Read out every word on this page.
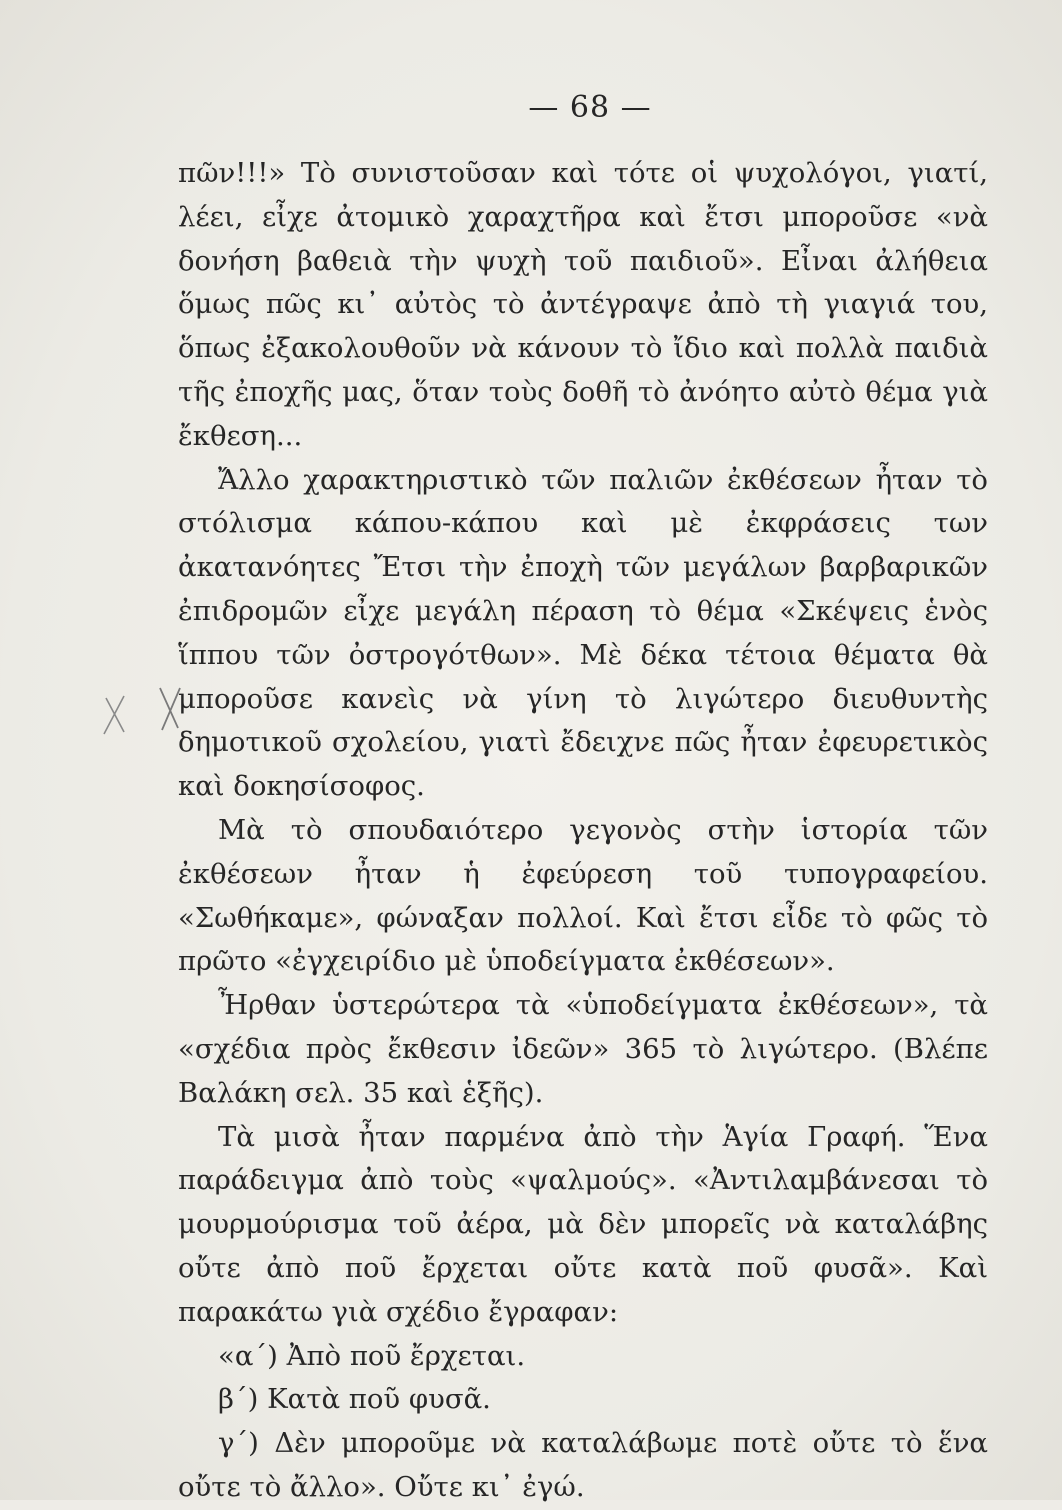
— 68 —

πῶν!!!» Τὸ συνιστοῦσαν καὶ τότε οἱ ψυχολόγοι, γιατί, λέει, εἶχε ἀτομικὸ χαραχτῆρα καὶ ἔτσι μποροῦσε «νὰ δονήση βαθειὰ τὴν ψυχὴ τοῦ παιδιοῦ». Εἶναι ἀλήθεια ὅμως πῶς κι᾽ αὐτὸς τὸ ἀντέγραψε ἀπὸ τὴ γιαγιά του, ὅπως ἐξακολουθοῦν νὰ κάνουν τὸ ἴδιο καὶ πολλὰ παιδιὰ τῆς ἐποχῆς μας, ὅταν τοὺς δοθῆ τὸ ἀνόητο αὐτὸ θέμα γιὰ ἔκθεση...

Ἄλλο χαρακτηριστικὸ τῶν παλιῶν ἐκθέσεων ἦταν τὸ στόλισμα κάπου-κάπου καὶ μὲ ἐκφράσεις των ἀκατανόητες Ἔτσι τὴν ἐποχὴ τῶν μεγάλων βαρβαρικῶν ἐπιδρομῶν εἶχε μεγάλη πέραση τὸ θέμα «Σκέψεις ἑνὸς ἵππου τῶν ὀστρογότθων». Μὲ δέκα τέτοια θέματα θὰ μποροῦσε κανεὶς νὰ γίνη τὸ λιγώτερο διευθυντὴς δημοτικοῦ σχολείου, γιατὶ ἔδειχνε πῶς ἦταν ἐφευρετικὸς καὶ δοκησίσοφος.

Μὰ τὸ σπουδαιότερο γεγονὸς στὴν ἱστορία τῶν ἐκθέσεων ἦταν ἡ ἐφεύρεση τοῦ τυπογραφείου. «Σωθήκαμε», φώναξαν πολλοί. Καὶ ἔτσι εἶδε τὸ φῶς τὸ πρῶτο «ἐγχειρίδιο μὲ ὑποδείγματα ἐκθέσεων».

Ἦρθαν ὑστερώτερα τὰ «ὑποδείγματα ἐκθέσεων», τὰ «σχέδια πρὸς ἔκθεσιν ἰδεῶν» 365 τὸ λιγώτερο. (Βλέπε Βαλάκη σελ. 35 καὶ ἑξῆς).

Τὰ μισὰ ἦταν παρμένα ἀπὸ τὴν Ἁγία Γραφή. Ἕνα παράδειγμα ἀπὸ τοὺς «ψαλμούς». «Ἀντιλαμβάνεσαι τὸ μουρμούρισμα τοῦ ἀέρα, μὰ δὲν μπορεῖς νὰ καταλάβης οὔτε ἀπὸ ποῦ ἔρχεται οὔτε κατὰ ποῦ φυσᾶ». Καὶ παρακάτω γιὰ σχέδιο ἔγραφαν:

«α΄) Ἀπὸ ποῦ ἔρχεται.

β΄) Κατὰ ποῦ φυσᾶ.

γ΄) Δὲν μποροῦμε νὰ καταλάβωμε ποτὲ οὔτε τὸ ἕνα οὔτε τὸ ἄλλο». Οὔτε κι᾽ ἐγώ.
